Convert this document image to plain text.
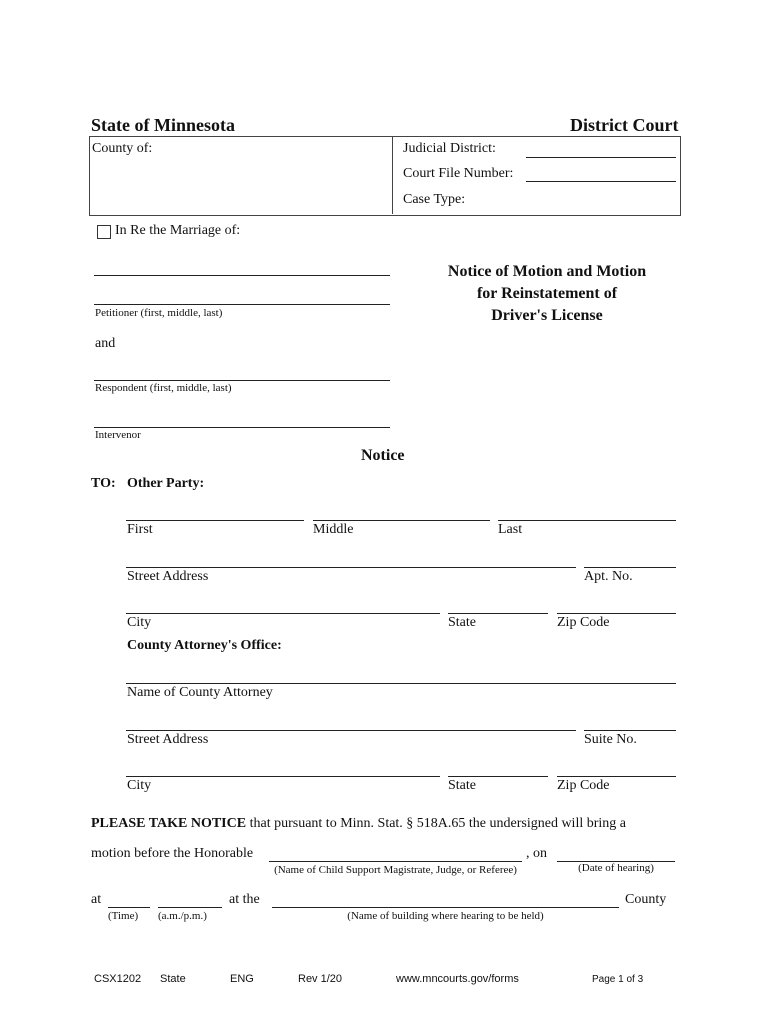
State of Minnesota	District Court
County of:	Judicial District:
Court File Number:
Case Type:
In Re the Marriage of:
Petitioner (first, middle, last)
and
Respondent (first, middle, last)
Intervenor
Notice of Motion and Motion
for Reinstatement of
Driver's License
Notice
TO: Other Party:
First	Middle	Last
Street Address	Apt. No.
City	State	Zip Code
County Attorney's Office:
Name of County Attorney
Street Address	Suite No.
City	State	Zip Code
PLEASE TAKE NOTICE that pursuant to Minn. Stat. § 518A.65 the undersigned will bring a
motion before the Honorable	, on
(Name of Child Support Magistrate, Judge, or Referee)	(Date of hearing)
at	at the	County
(Time) (a.m./p.m.)	(Name of building where hearing to be held)
CSX1202 State	ENG	Rev 1/20	www.mncourts.gov/forms	Page 1 of 3
